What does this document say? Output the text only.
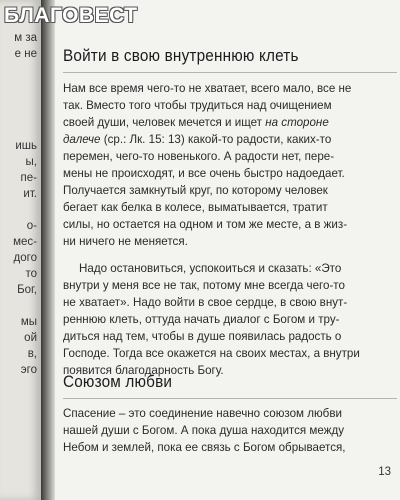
м за
е не
ишь
ы,
пе-
ит.
о-
мес-
дого
то
Бог,
мы
ой
в,
эго
Войти в свою внутреннюю клеть
Нам все время чего-то не хватает, всего мало, все не
так. Вместо того чтобы трудиться над очищением
своей души, человек мечется и ищет на стороне
далече (ср.: Лк. 15: 13) какой-то радости, каких-то
перемен, чего-то новенького. А радости нет, пере-
мены не происходят, и все очень быстро надоедает.
Получается замкнутый круг, по которому человек
бегает как белка в колесе, выматывается, тратит
силы, но остается на одном и том же месте, а в жиз-
ни ничего не меняется.
Надо остановиться, успокоиться и сказать: «Это
внутри у меня все не так, потому мне всегда чего-то
не хватает». Надо войти в свое сердце, в свою внут-
реннюю клеть, оттуда начать диалог с Богом и тру-
диться над тем, чтобы в душе появилась радость о
Господе. Тогда все окажется на своих местах, а внутри
появится благодарность Богу.
Союзом любви
Спасение – это соединение навечно союзом любви
нашей души с Богом. А пока душа находится между
Небом и землей, пока ее связь с Богом обрывается,
13
БЛАГОВЕСТ
